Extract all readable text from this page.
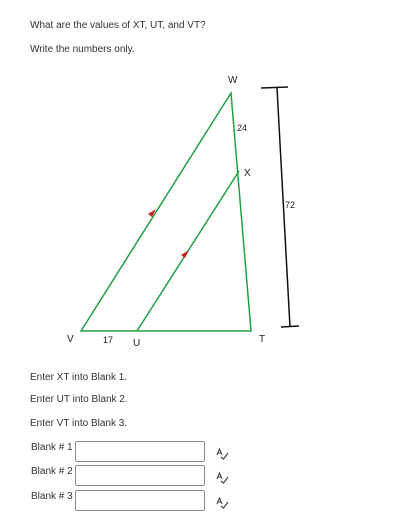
What are the values of XT, UT, and VT?
Write the numbers only.
W
X
V	U	T
24
17
72
Enter XT into Blank 1.
Enter UT into Blank 2.
Enter VT into Blank 3.
Blank # 1
Blank # 2
Blank # 3
